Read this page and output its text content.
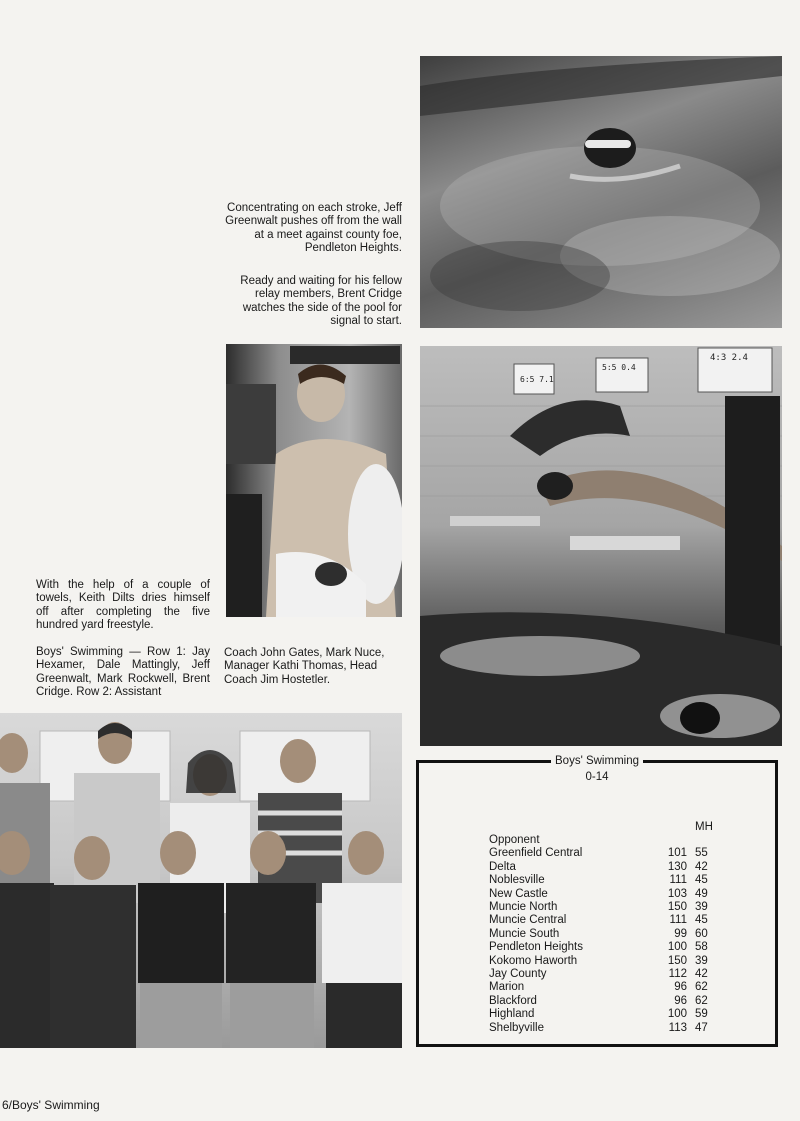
Concentrating on each stroke, Jeff Greenwalt pushes off from the wall at a meet against county foe, Pendleton Heights.

Ready and waiting for his fellow relay members, Brent Cridge watches the side of the pool for signal to start.

6:5 7.1
5:5 0.4
4:3 2.4

With the help of a couple of towels, Keith Dilts dries himself off after completing the five hundred yard freestyle.

Boys' Swimming — Row 1: Jay Hexamer, Dale Mattingly, Jeff Greenwalt, Mark Rockwell, Brent Cridge. Row 2: Assistant

Coach John Gates, Mark Nuce, Manager Kathi Thomas, Head Coach Jim Hostetler.

Boys' Swimming
0-14
Opponent		MH
Greenfield Central	101	55
Delta	130	42
Noblesville	111	45
New Castle	103	49
Muncie North	150	39
Muncie Central	111	45
Muncie South	99	60
Pendleton Heights	100	58
Kokomo Haworth	150	39
Jay County	112	42
Marion	96	62
Blackford	96	62
Highland	100	59
Shelbyville	113	47
6/Boys' Swimming
